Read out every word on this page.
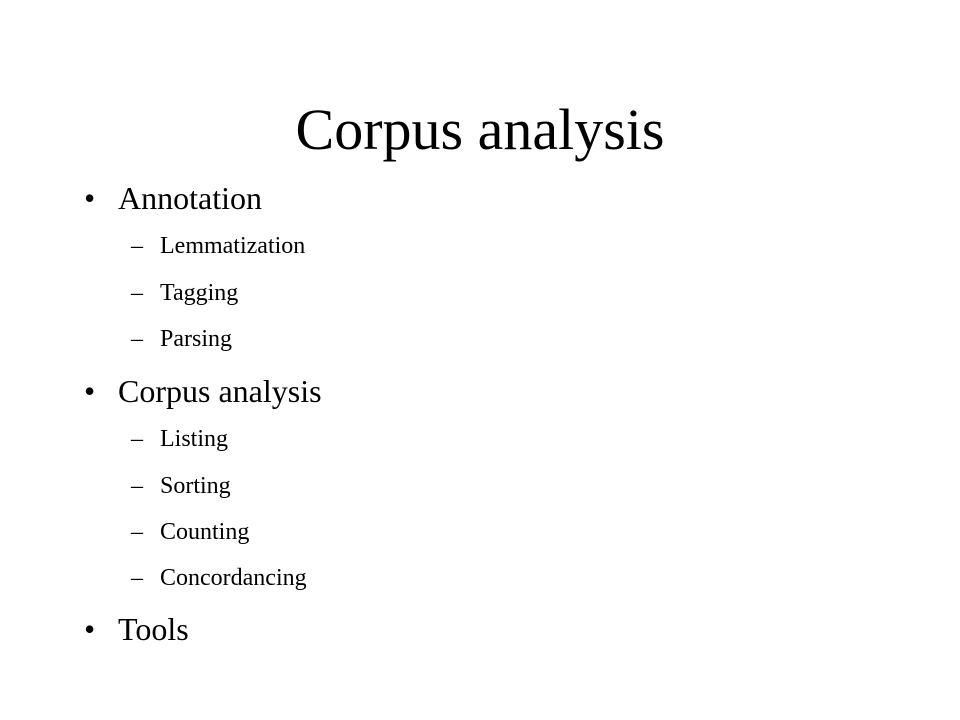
Corpus analysis
• Annotation
– Lemmatization
– Tagging
– Parsing
• Corpus analysis
– Listing
– Sorting
– Counting
– Concordancing
• Tools
